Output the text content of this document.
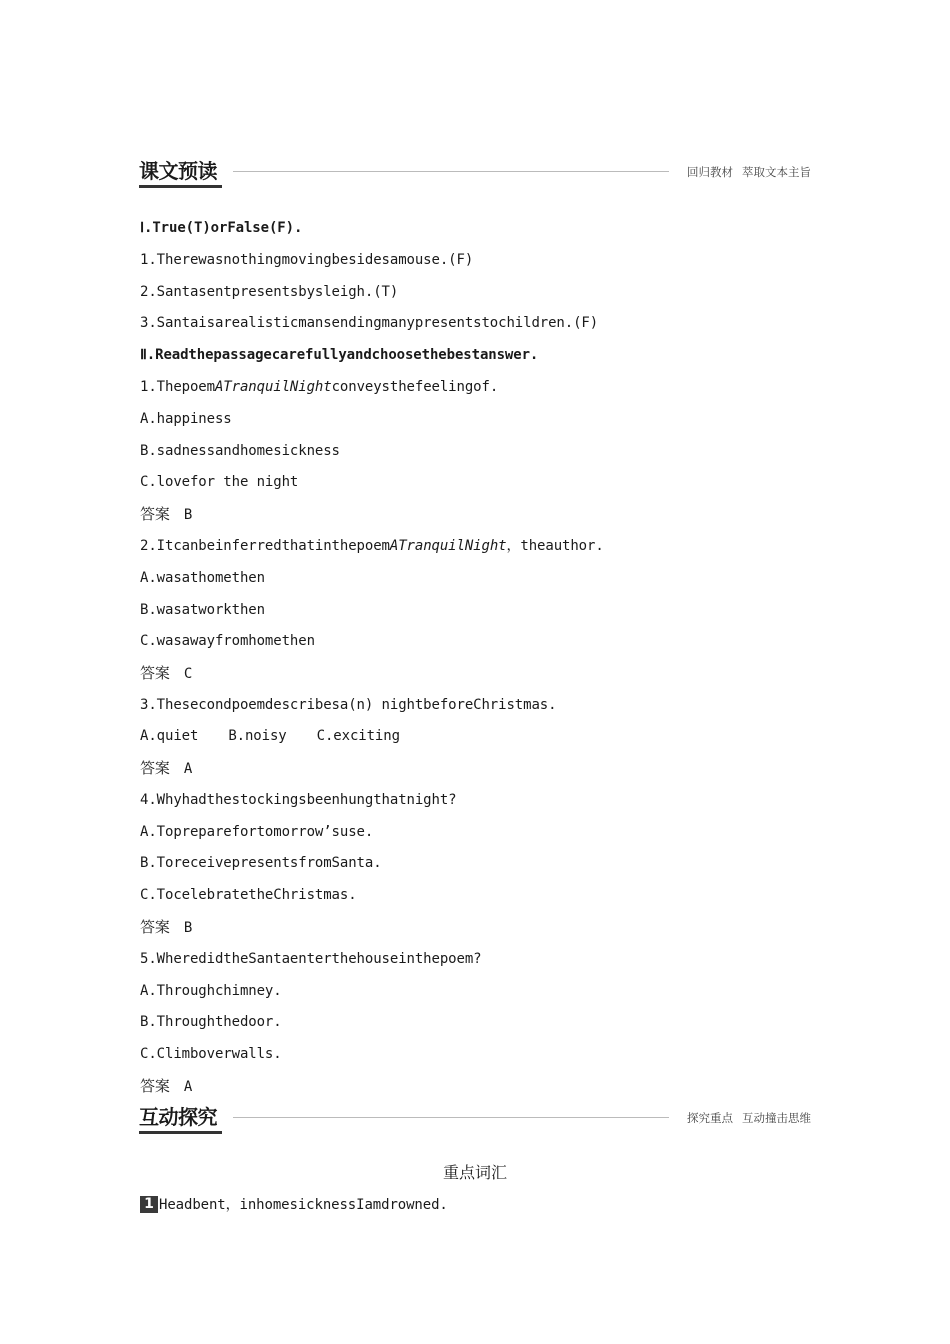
课文预读	回归教材 萃取文本主旨
Ⅰ.True(T)orFalse(F).
1.Therewasnothingmovingbesidesamouse.(F)
2.Santasentpresentsbysleigh.(T)
3.Santaisarealisticmansendingmanypresentstochildren.(F)
Ⅱ.Readthepassagecarefullyandchoosethebestanswer.
1.ThepoemATranquilNightconveysthefeelingof.
A.happiness
B.sadnessandhomesickness
C.lovefor the night
答案 B
2.ItcanbeinferredthatinthepoemATranquilNight，theauthor.
A.wasathomethen
B.wasatworkthen
C.wasawayfromhomethen
答案 C
3.Thesecondpoemdescribesa(n) nightbeforeChristmas.
A.quiet B.noisy C.exciting
答案 A
4.Whyhadthestockingsbeenhungthatnight?
A.Topreparefortomorrow’suse.
B.ToreceivepresentsfromSanta.
C.TocelebratetheChristmas.
答案 B
5.WheredidtheSantaenterthehouseinthepoem?
A.Throughchimney.
B.Throughthedoor.
C.Climboverwalls.
答案 A
互动探究	探究重点 互动撞击思维
重点词汇
1 Headbent，inhomesicknessIamdrowned.
